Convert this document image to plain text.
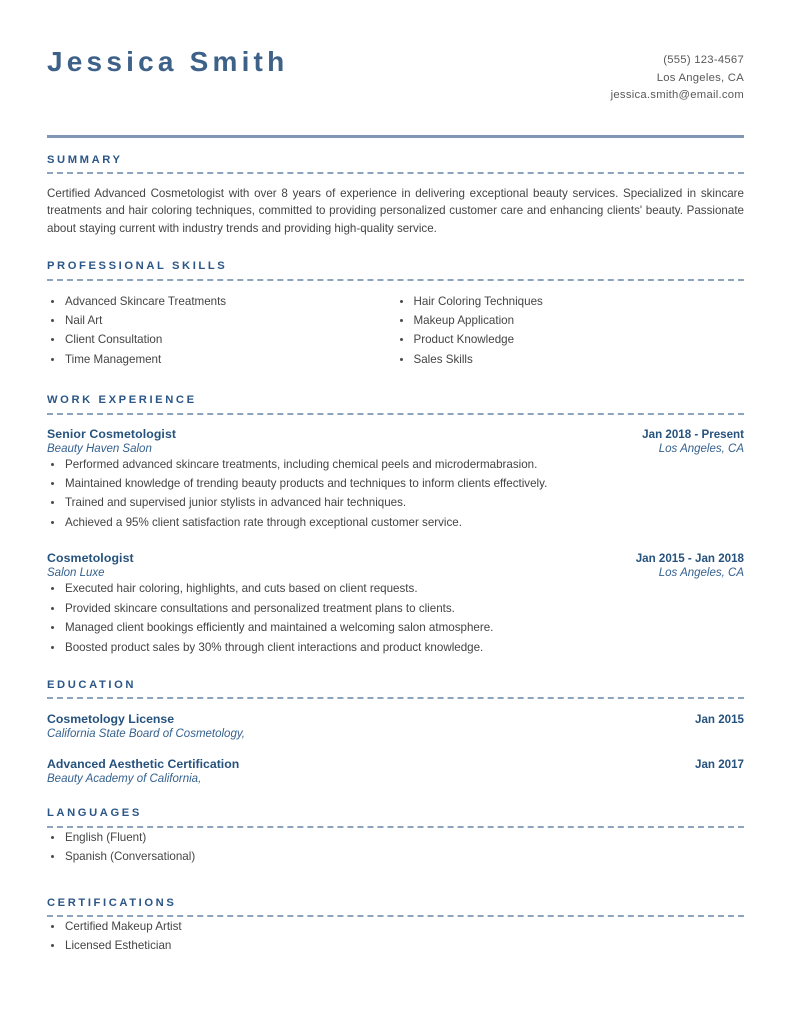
Jessica Smith	(555) 123-4567
Los Angeles, CA
jessica.smith@email.com
SUMMARY
Certified Advanced Cosmetologist with over 8 years of experience in delivering exceptional beauty services. Specialized in skincare treatments and hair coloring techniques, committed to providing personalized customer care and enhancing clients' beauty. Passionate about staying current with industry trends and providing high-quality service.
PROFESSIONAL SKILLS
Advanced Skincare Treatments
Nail Art
Client Consultation
Time Management
Hair Coloring Techniques
Makeup Application
Product Knowledge
Sales Skills
WORK EXPERIENCE
Senior Cosmetologist	Jan 2018 - Present
Beauty Haven Salon	Los Angeles, CA
Performed advanced skincare treatments, including chemical peels and microdermabrasion.
Maintained knowledge of trending beauty products and techniques to inform clients effectively.
Trained and supervised junior stylists in advanced hair techniques.
Achieved a 95% client satisfaction rate through exceptional customer service.
Cosmetologist	Jan 2015 - Jan 2018
Salon Luxe	Los Angeles, CA
Executed hair coloring, highlights, and cuts based on client requests.
Provided skincare consultations and personalized treatment plans to clients.
Managed client bookings efficiently and maintained a welcoming salon atmosphere.
Boosted product sales by 30% through client interactions and product knowledge.
EDUCATION
Cosmetology License	Jan 2015
California State Board of Cosmetology,
Advanced Aesthetic Certification	Jan 2017
Beauty Academy of California,
LANGUAGES
English (Fluent)
Spanish (Conversational)
CERTIFICATIONS
Certified Makeup Artist
Licensed Esthetician
